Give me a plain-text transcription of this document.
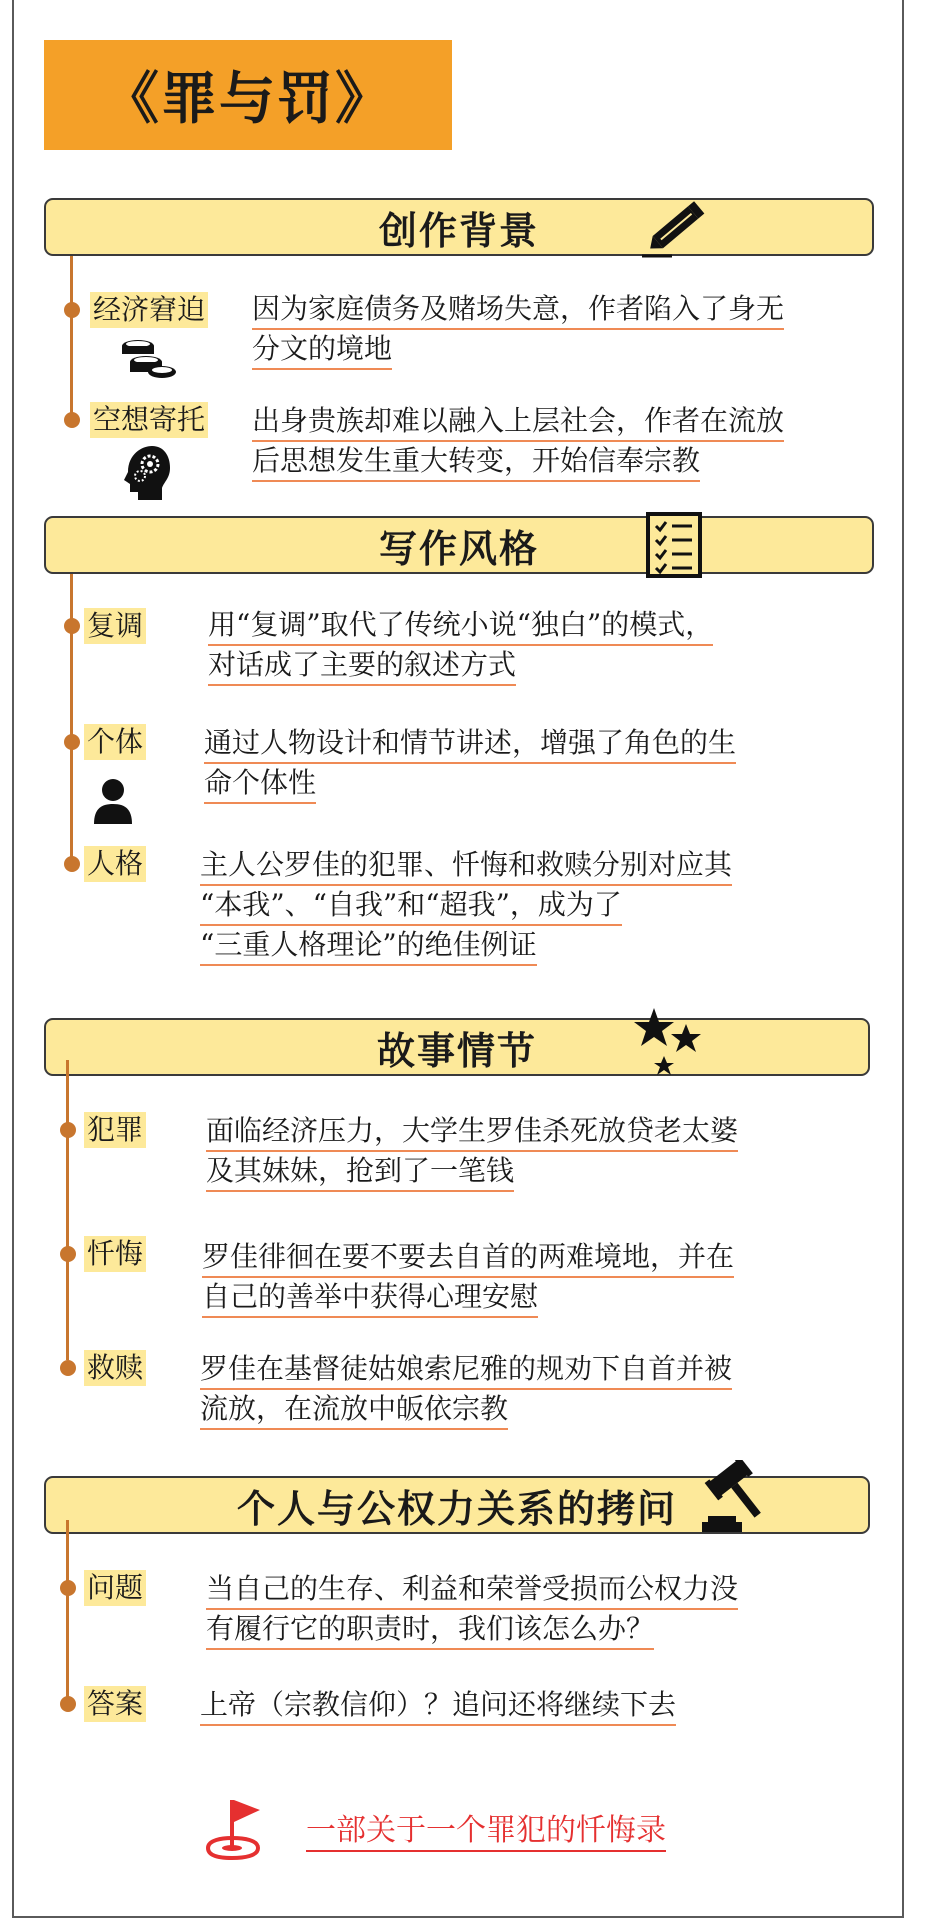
《罪与罚》
创作背景
经济窘迫 因为家庭债务及赌场失意，作者陷入了身无
分文的境地
空想寄托 出身贵族却难以融入上层社会，作者在流放
后思想发生重大转变，开始信奉宗教
写作风格
复调 用“复调”取代了传统小说“独白”的模式，
对话成了主要的叙述方式
个体 通过人物设计和情节讲述，增强了角色的生
命个体性
人格 主人公罗佳的犯罪、忏悔和救赎分别对应其
“本我”、“自我”和“超我”，成为了
“三重人格理论”的绝佳例证
故事情节
犯罪 面临经济压力，大学生罗佳杀死放贷老太婆
及其妹妹，抢到了一笔钱
忏悔 罗佳徘徊在要不要去自首的两难境地，并在
自己的善举中获得心理安慰
救赎 罗佳在基督徒姑娘索尼雅的规劝下自首并被
流放，在流放中皈依宗教
个人与公权力关系的拷问
问题 当自己的生存、利益和荣誉受损而公权力没
有履行它的职责时，我们该怎么办？
答案 上帝（宗教信仰）？追问还将继续下去
一部关于一个罪犯的忏悔录
